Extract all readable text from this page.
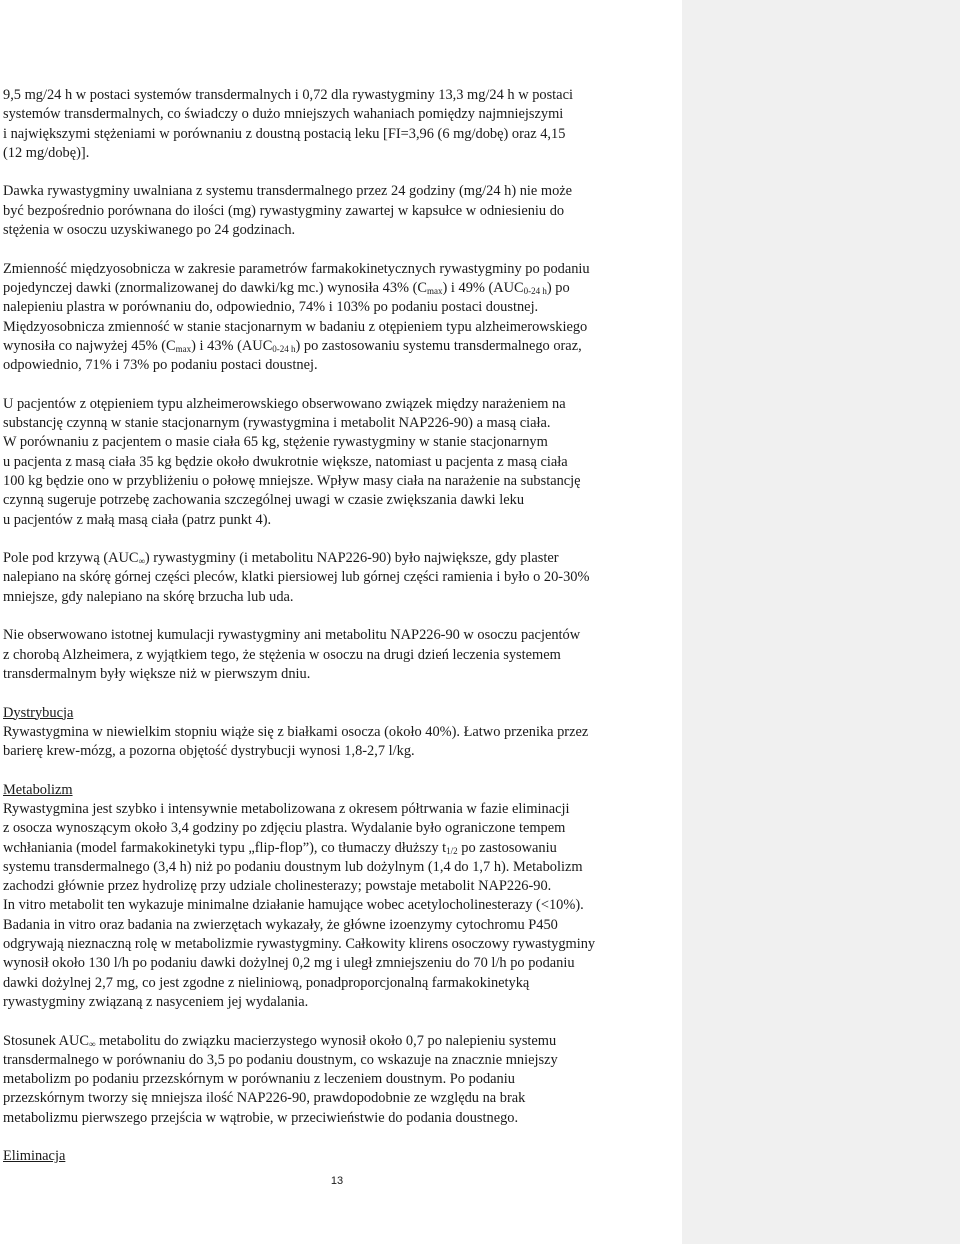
9,5 mg/24 h w postaci systemów transdermalnych i 0,72 dla rywastygminy 13,3 mg/24 h w postaci
systemów transdermalnych, co świadczy o dużo mniejszych wahaniach pomiędzy najmniejszymi
i największymi stężeniami w porównaniu z doustną postacią leku [FI=3,96 (6 mg/dobę) oraz 4,15
(12 mg/dobę)].

Dawka rywastygminy uwalniana z systemu transdermalnego przez 24 godziny (mg/24 h) nie może
być bezpośrednio porównana do ilości (mg) rywastygminy zawartej w kapsułce w odniesieniu do
stężenia w osoczu uzyskiwanego po 24 godzinach.

Zmienność międzyosobnicza w zakresie parametrów farmakokinetycznych rywastygminy po podaniu
pojedynczej dawki (znormalizowanej do dawki/kg mc.) wynosiła 43% $(C_{max})$ i 49% $(AUC_{0-24 h})$ po
nalepieniu plastra w porównaniu do, odpowiednio, 74% i 103% po podaniu postaci doustnej.
Międzyosobnicza zmienność w stanie stacjonarnym w badaniu z otępieniem typu alzheimerowskiego
wynosiła co najwyżej 45% $(C_{max})$ i 43% $(AUC_{0-24 h})$ po zastosowaniu systemu transdermalnego oraz,
odpowiednio, 71% i 73% po podaniu postaci doustnej.

U pacjentów z otępieniem typu alzheimerowskiego obserwowano związek między narażeniem na
substancję czynną w stanie stacjonarnym (rywastygmina i metabolit NAP226-90) a masą ciała.
W porównaniu z pacjentem o masie ciała 65 kg, stężenie rywastygminy w stanie stacjonarnym
u pacjenta z masą ciała 35 kg będzie około dwukrotnie większe, natomiast u pacjenta z masą ciała
100 kg będzie ono w przybliżeniu o połowę mniejsze. Wpływ masy ciała na narażenie na substancję
czynną sugeruje potrzebę zachowania szczególnej uwagi w czasie zwiększania dawki leku
u pacjentów z małą masą ciała (patrz punkt 4).

Pole pod krzywą $(AUC_\infty)$ rywastygminy (i metabolitu NAP226-90) było największe, gdy plaster
nalepiano na skórę górnej części pleców, klatki piersiowej lub górnej części ramienia i było o 20-30%
mniejsze, gdy nalepiano na skórę brzucha lub uda.

Nie obserwowano istotnej kumulacji rywastygminy ani metabolitu NAP226-90 w osoczu pacjentów
z chorobą Alzheimera, z wyjątkiem tego, że stężenia w osoczu na drugi dzień leczenia systemem
transdermalnym były większe niż w pierwszym dniu.

Dystrybucja
Rywastygmina w niewielkim stopniu wiąże się z białkami osocza (około 40%). Łatwo przenika przez
barierę krew-mózg, a pozorna objętość dystrybucji wynosi 1,8-2,7 l/kg.

Metabolizm
Rywastygmina jest szybko i intensywnie metabolizowana z okresem półtrwania w fazie eliminacji
z osocza wynoszącym około 3,4 godziny po zdjęciu plastra. Wydalanie było ograniczone tempem
wchłaniania (model farmakokinetyki typu „flip-flop”), co tłumaczy dłuższy $t_{1/2}$ po zastosowaniu
systemu transdermalnego (3,4 h) niż po podaniu doustnym lub dożylnym (1,4 do 1,7 h). Metabolizm
zachodzi głównie przez hydrolizę przy udziale cholinesterazy; powstaje metabolit NAP226-90.
In vitro metabolit ten wykazuje minimalne działanie hamujące wobec acetylocholinesterazy (<10%).
Badania in vitro oraz badania na zwierzętach wykazały, że główne izoenzymy cytochromu P450
odgrywają nieznaczną rolę w metabolizmie rywastygminy. Całkowity klirens osoczowy rywastygminy
wynosił około 130 l/h po podaniu dawki dożylnej 0,2 mg i uległ zmniejszeniu do 70 l/h po podaniu
dawki dożylnej 2,7 mg, co jest zgodne z nieliniową, ponadproporcjonalną farmakokinetyką
rywastygminy związaną z nasyceniem jej wydalania.

Stosunek $AUC_\infty$ metabolitu do związku macierzystego wynosił około 0,7 po nalepieniu systemu
transdermalnego w porównaniu do 3,5 po podaniu doustnym, co wskazuje na znacznie mniejszy
metabolizm po podaniu przezskórnym w porównaniu z leczeniem doustnym. Po podaniu
przezskórnym tworzy się mniejsza ilość NAP226-90, prawdopodobnie ze względu na brak
metabolizmu pierwszego przejścia w wątrobie, w przeciwieństwie do podania doustnego.

Eliminacja

13
